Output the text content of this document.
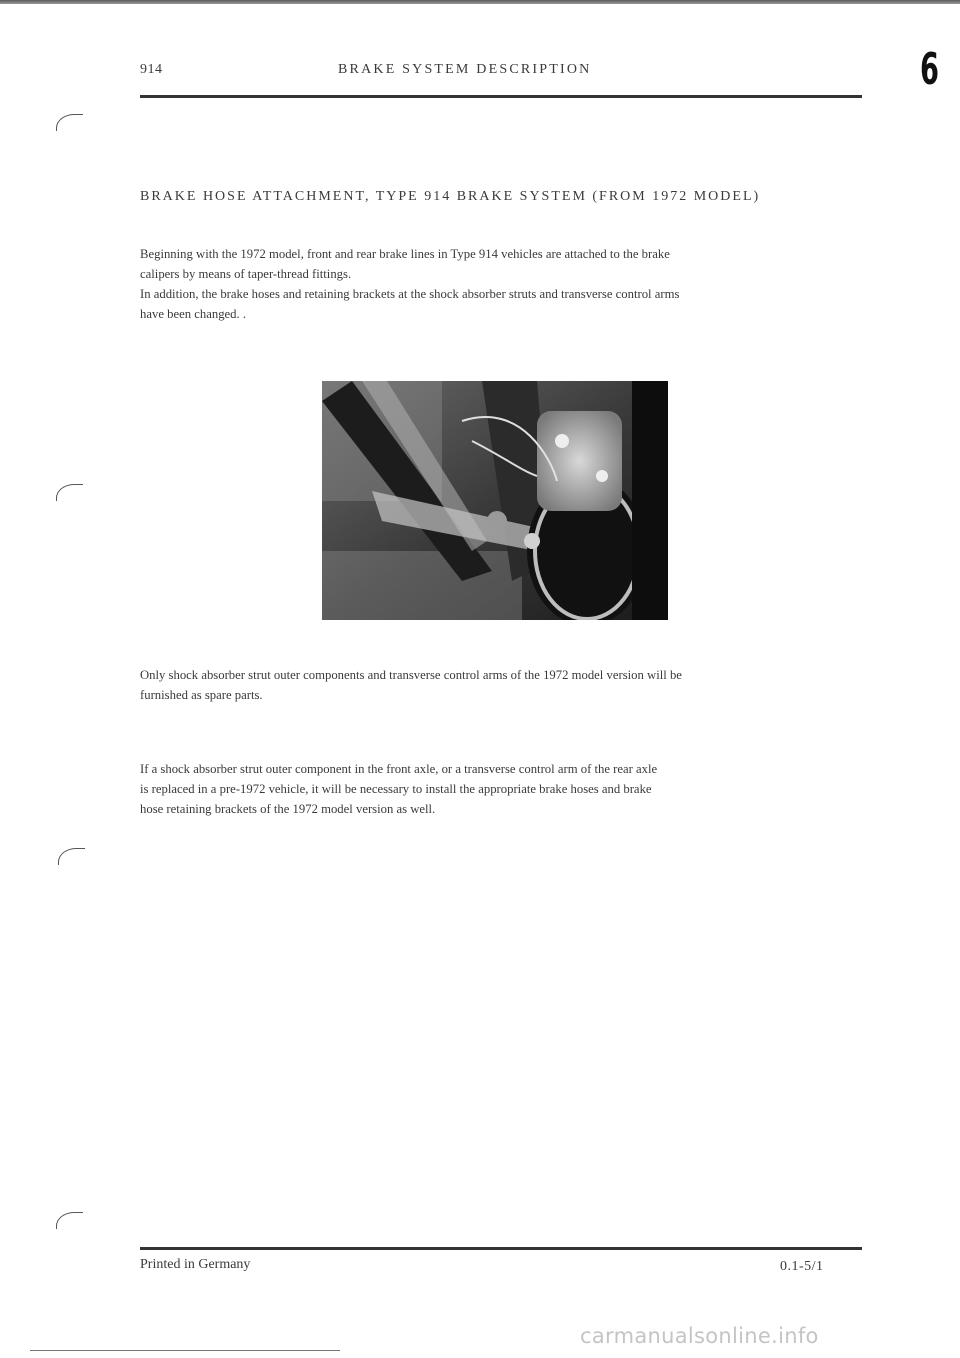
914	BRAKE SYSTEM DESCRIPTION	6
BRAKE HOSE ATTACHMENT, TYPE 914 BRAKE SYSTEM (FROM 1972 MODEL)
Beginning with the 1972 model, front and rear brake lines in Type 914 vehicles are attached to the brake
calipers by means of taper-thread fittings.
In addition, the brake hoses and retaining brackets at the shock absorber struts and transverse control arms
have been changed. .
Only shock absorber strut outer components and transverse control arms of the 1972 model version will be
furnished as spare parts.
If a shock absorber strut outer component in the front axle, or a transverse control arm of the rear axle
is replaced in a pre-1972 vehicle, it will be necessary to install the appropriate brake hoses and brake
hose retaining brackets of the 1972 model version as well.
Printed in Germany	0.1-5/1
carmanualsonline.info
